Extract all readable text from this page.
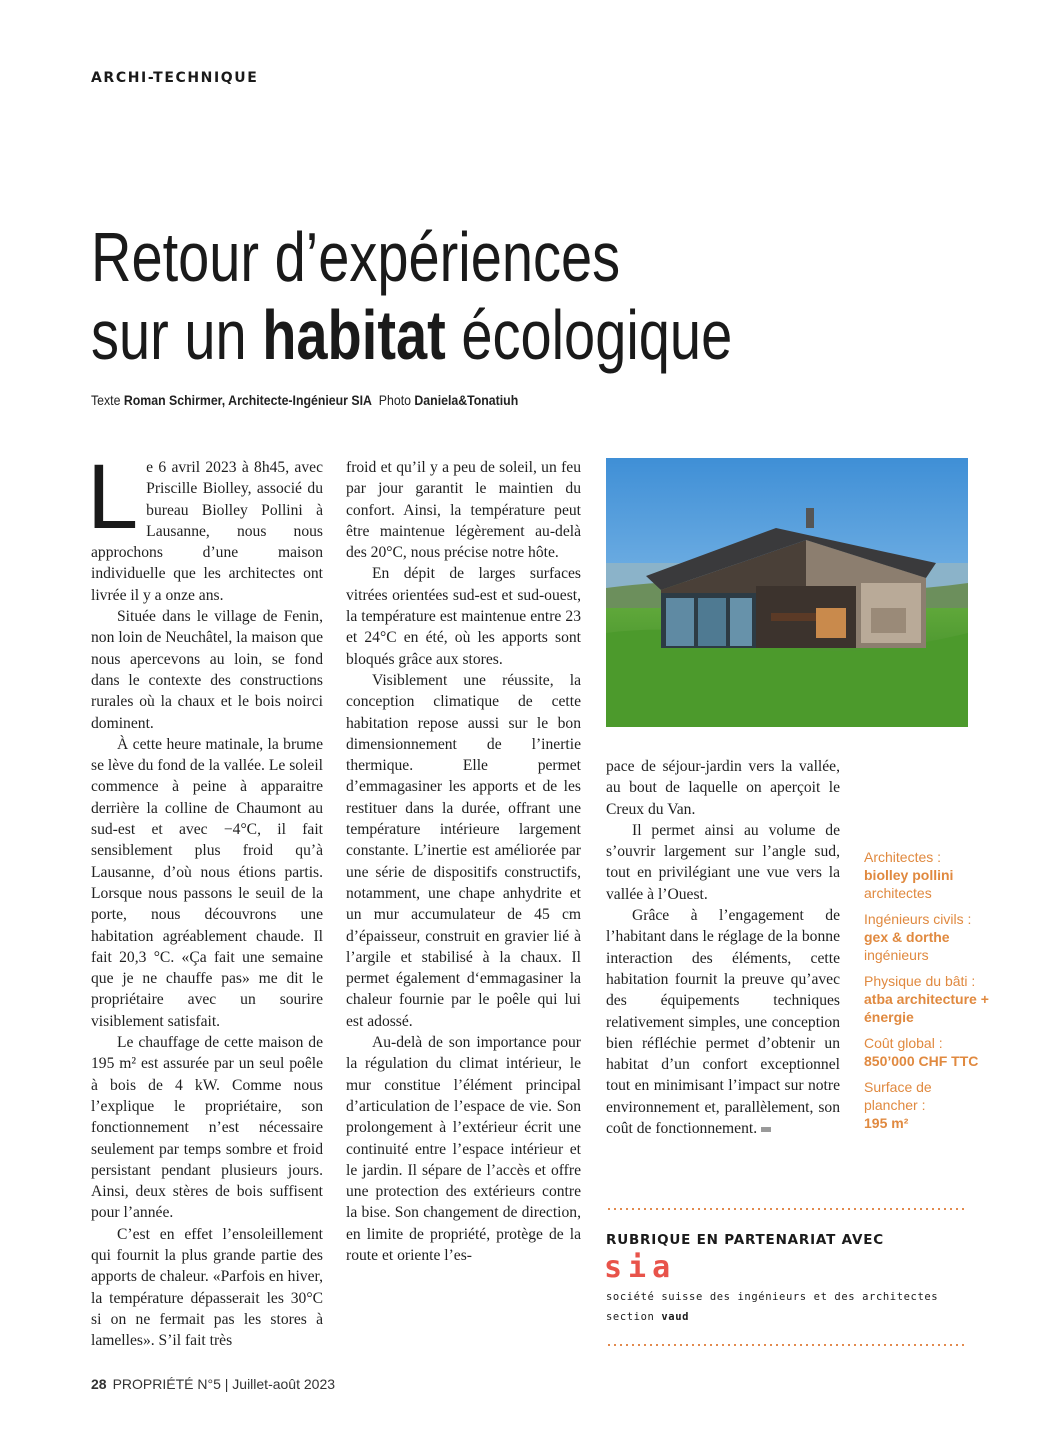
ARCHI-TECHNIQUE
Retour d’expériences
sur un habitat écologique
Texte Roman Schirmer, Architecte-Ingénieur SIA  Photo Daniela&Tonatiuh

Le 6 avril 2023 à 8h45, avec Priscille Biolley, associé du bureau Biolley Pollini à Lausanne, nous nous approchons d’une maison individuelle que les architectes ont livrée il y a onze ans.

Située dans le village de Fenin, non loin de Neuchâtel, la maison que nous apercevons au loin, se fond dans le contexte des constructions rurales où la chaux et le bois noirci dominent.

À cette heure matinale, la brume se lève du fond de la vallée. Le soleil commence à peine à apparaitre derrière la colline de Chaumont au sud-est et avec −4°C, il fait sensiblement plus froid qu’à Lausanne, d’où nous étions partis. Lorsque nous passons le seuil de la porte, nous découvrons une habitation agréablement chaude. Il fait 20,3 °C. «Ça fait une semaine que je ne chauffe pas» me dit le propriétaire avec un sourire visiblement satisfait.

Le chauffage de cette maison de 195 m² est assurée par un seul poêle à bois de 4 kW. Comme nous l’explique le propriétaire, son fonctionnement n’est nécessaire seulement par temps sombre et froid persistant pendant plusieurs jours. Ainsi, deux stères de bois suffisent pour l’année.

C’est en effet l’ensoleillement qui fournit la plus grande partie des apports de chaleur. «Parfois en hiver, la température dépasserait les 30°C si on ne fermait pas les stores à lamelles». S’il fait très

froid et qu’il y a peu de soleil, un feu par jour garantit le maintien du confort. Ainsi, la température peut être maintenue légèrement au-delà des 20°C, nous précise notre hôte.

En dépit de larges surfaces vitrées orientées sud-est et sud-ouest, la température est maintenue entre 23 et 24°C en été, où les apports sont bloqués grâce aux stores.

Visiblement une réussite, la conception climatique de cette habitation repose aussi sur le bon dimensionnement de l’inertie thermique. Elle permet d’emmagasiner les apports et de les restituer dans la durée, offrant une température intérieure largement constante. L’inertie est améliorée par une série de dispositifs constructifs, notamment, une chape anhydrite et un mur accumulateur de 45 cm d’épaisseur, construit en gravier lié à l’argile et stabilisé à la chaux. Il permet également d‘emmagasiner la chaleur fournie par le poêle qui lui est adossé.

Au-delà de son importance pour la régulation du climat intérieur, le mur constitue l’élément principal d’articulation de l’espace de vie. Son prolongement à l’extérieur écrit une continuité entre l’espace intérieur et le jardin. Il sépare de l’accès et offre une protection des extérieurs contre la bise. Son changement de direction, en limite de propriété, protège de la route et oriente l’es-

pace de séjour-jardin vers la vallée, au bout de laquelle on aperçoit le Creux du Van.

Il permet ainsi au volume de s’ouvrir largement sur l’angle sud, tout en privilégiant une vue vers la vallée à l’Ouest.

Grâce à l’engagement de l’habitant dans le réglage de la bonne interaction des éléments, cette habitation fournit la preuve qu’avec des équipements techniques relativement simples, une conception bien réfléchie permet d’obtenir un habitat d’un confort exceptionnel tout en minimisant l’impact sur notre environnement et, parallèlement, son coût de fonctionnement.

Architectes :
biolley pollini
architectes
Ingénieurs civils :
gex & dorthe
ingénieurs
Physique du bâti :
atba architecture + énergie
Coût global :
850’000 CHF TTC
Surface de plancher :
195 m²
RUBRIQUE EN PARTENARIAT AVEC
sia
société suisse des ingénieurs et des architectes
section vaud
28 PROPRIÉTÉ N°5 | Juillet-août 2023
